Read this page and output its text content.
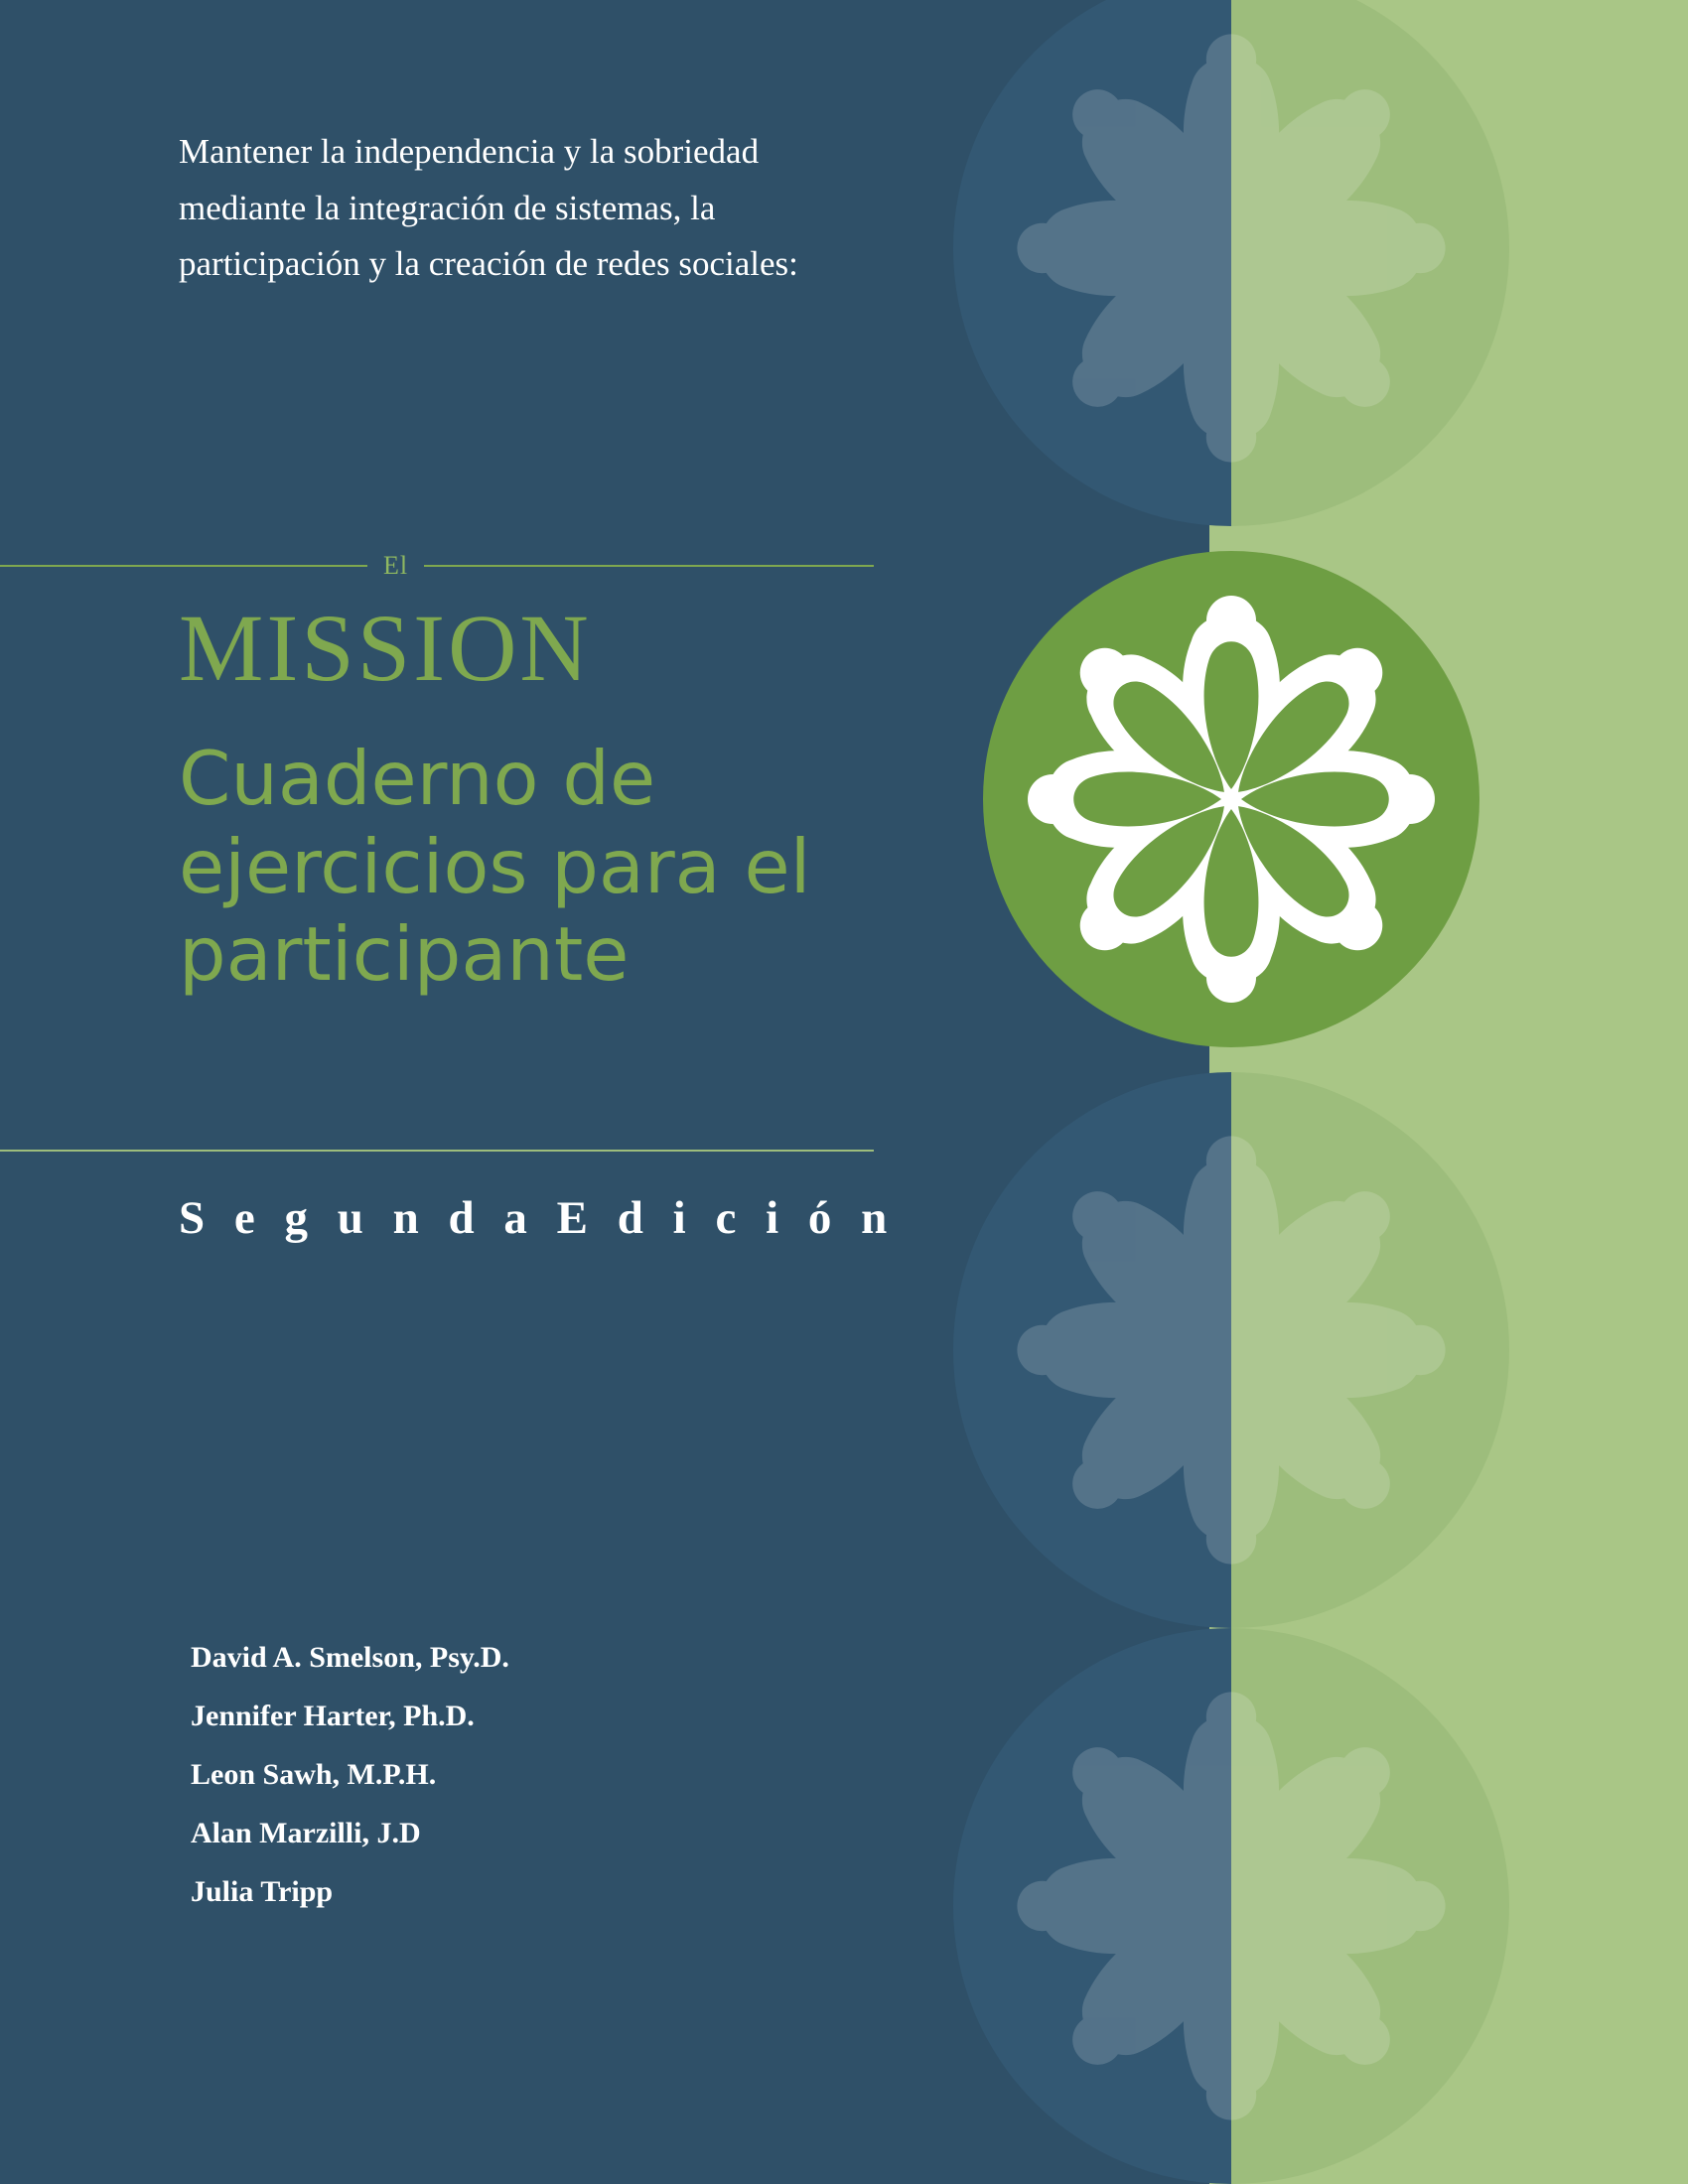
Mantener la independencia y la sobriedad mediante la integración de sistemas, la participación y la creación de redes sociales:
El
MISSION
Cuaderno de ejercicios para el participante
S e g u n d a E d i c i ó n
David A. Smelson, Psy.D.
Jennifer Harter, Ph.D.
Leon Sawh, M.P.H.
Alan Marzilli, J.D
Julia Tripp
